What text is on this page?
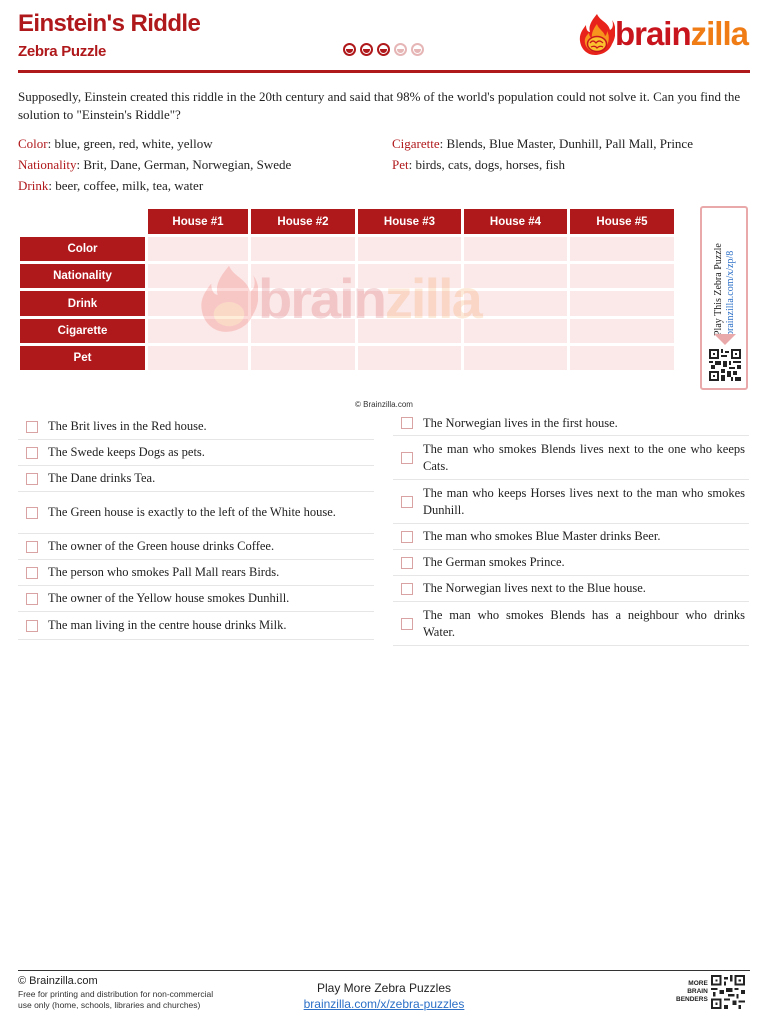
Einstein's Riddle
Zebra Puzzle	brainzilla
Supposedly, Einstein created this riddle in the 20th century and said that 98% of the world's population could not solve it. Can you find the solution to "Einstein's Riddle"?
Color: blue, green, red, white, yellow
Nationality: Brit, Dane, German, Norwegian, Swede
Drink: beer, coffee, milk, tea, water
Cigarette: Blends, Blue Master, Dunhill, Pall Mall, Prince
Pet: birds, cats, dogs, horses, fish
House #1	House #2	House #3	House #4	House #5
Color
Nationality
Drink
Cigarette
Pet
Play This Zebra Puzzle brainzilla.com/x/zp/8
© Brainzilla.com
The Brit lives in the Red house.
The Swede keeps Dogs as pets.
The Dane drinks Tea.
The Green house is exactly to the left of the White house.
The owner of the Green house drinks Coffee.
The person who smokes Pall Mall rears Birds.
The owner of the Yellow house smokes Dunhill.
The man living in the centre house drinks Milk.
The Norwegian lives in the first house.
The man who smokes Blends lives next to the one who keeps Cats.
The man who keeps Horses lives next to the man who smokes Dunhill.
The man who smokes Blue Master drinks Beer.
The German smokes Prince.
The Norwegian lives next to the Blue house.
The man who smokes Blends has a neighbour who drinks Water.
© Brainzilla.com
Free for printing and distribution for non-commercial
use only (home, schools, libraries and churches)
Play More Zebra Puzzles
brainzilla.com/x/zebra-puzzles
MORE
BRAIN
BENDERS
